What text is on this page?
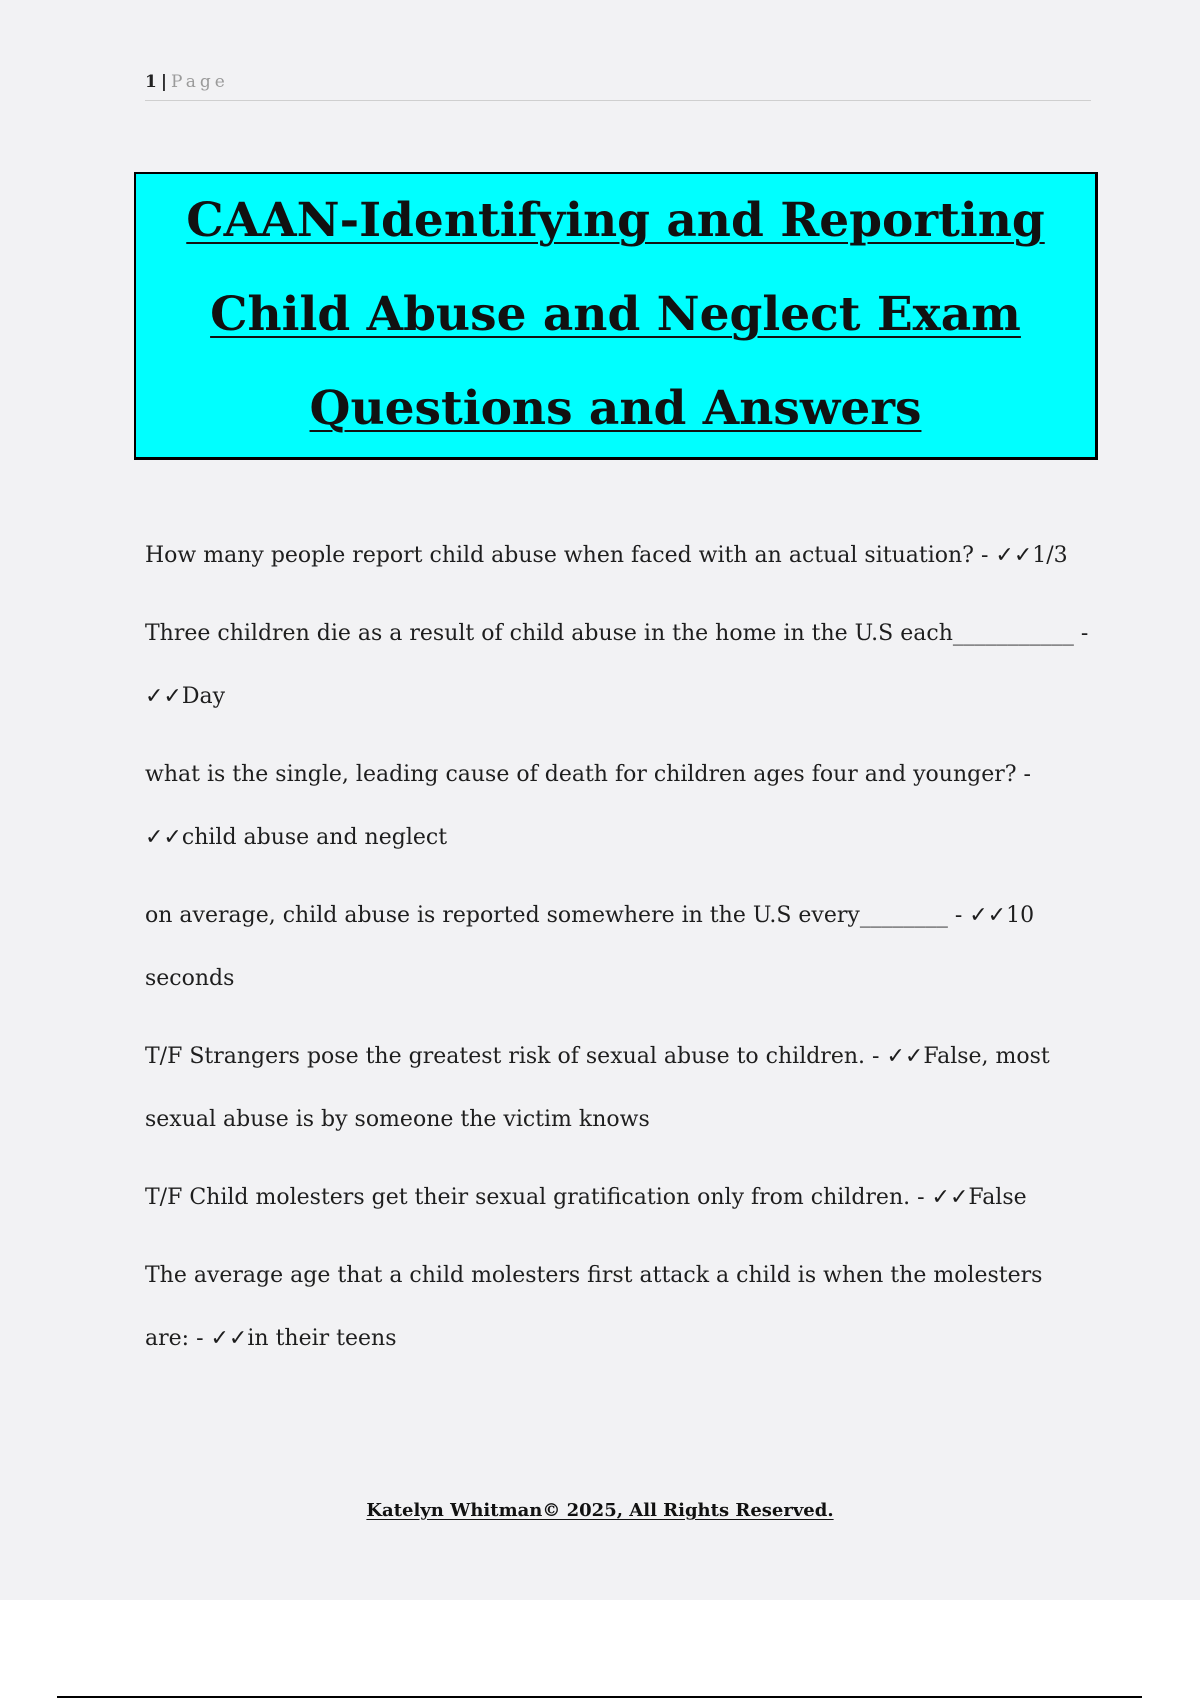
1 | Page
CAAN-Identifying and Reporting
Child Abuse and Neglect Exam
Questions and Answers

How many people report child abuse when faced with an actual situation? - ✓✓1/3

Three children die as a result of child abuse in the home in the U.S each___________ - ✓✓Day

what is the single, leading cause of death for children ages four and younger? - ✓✓child abuse and neglect

on average, child abuse is reported somewhere in the U.S every________ - ✓✓10 seconds

T/F Strangers pose the greatest risk of sexual abuse to children. - ✓✓False, most sexual abuse is by someone the victim knows

T/F Child molesters get their sexual gratification only from children. - ✓✓False

The average age that a child molesters first attack a child is when the molesters are: - ✓✓in their teens

Katelyn Whitman© 2025, All Rights Reserved.
